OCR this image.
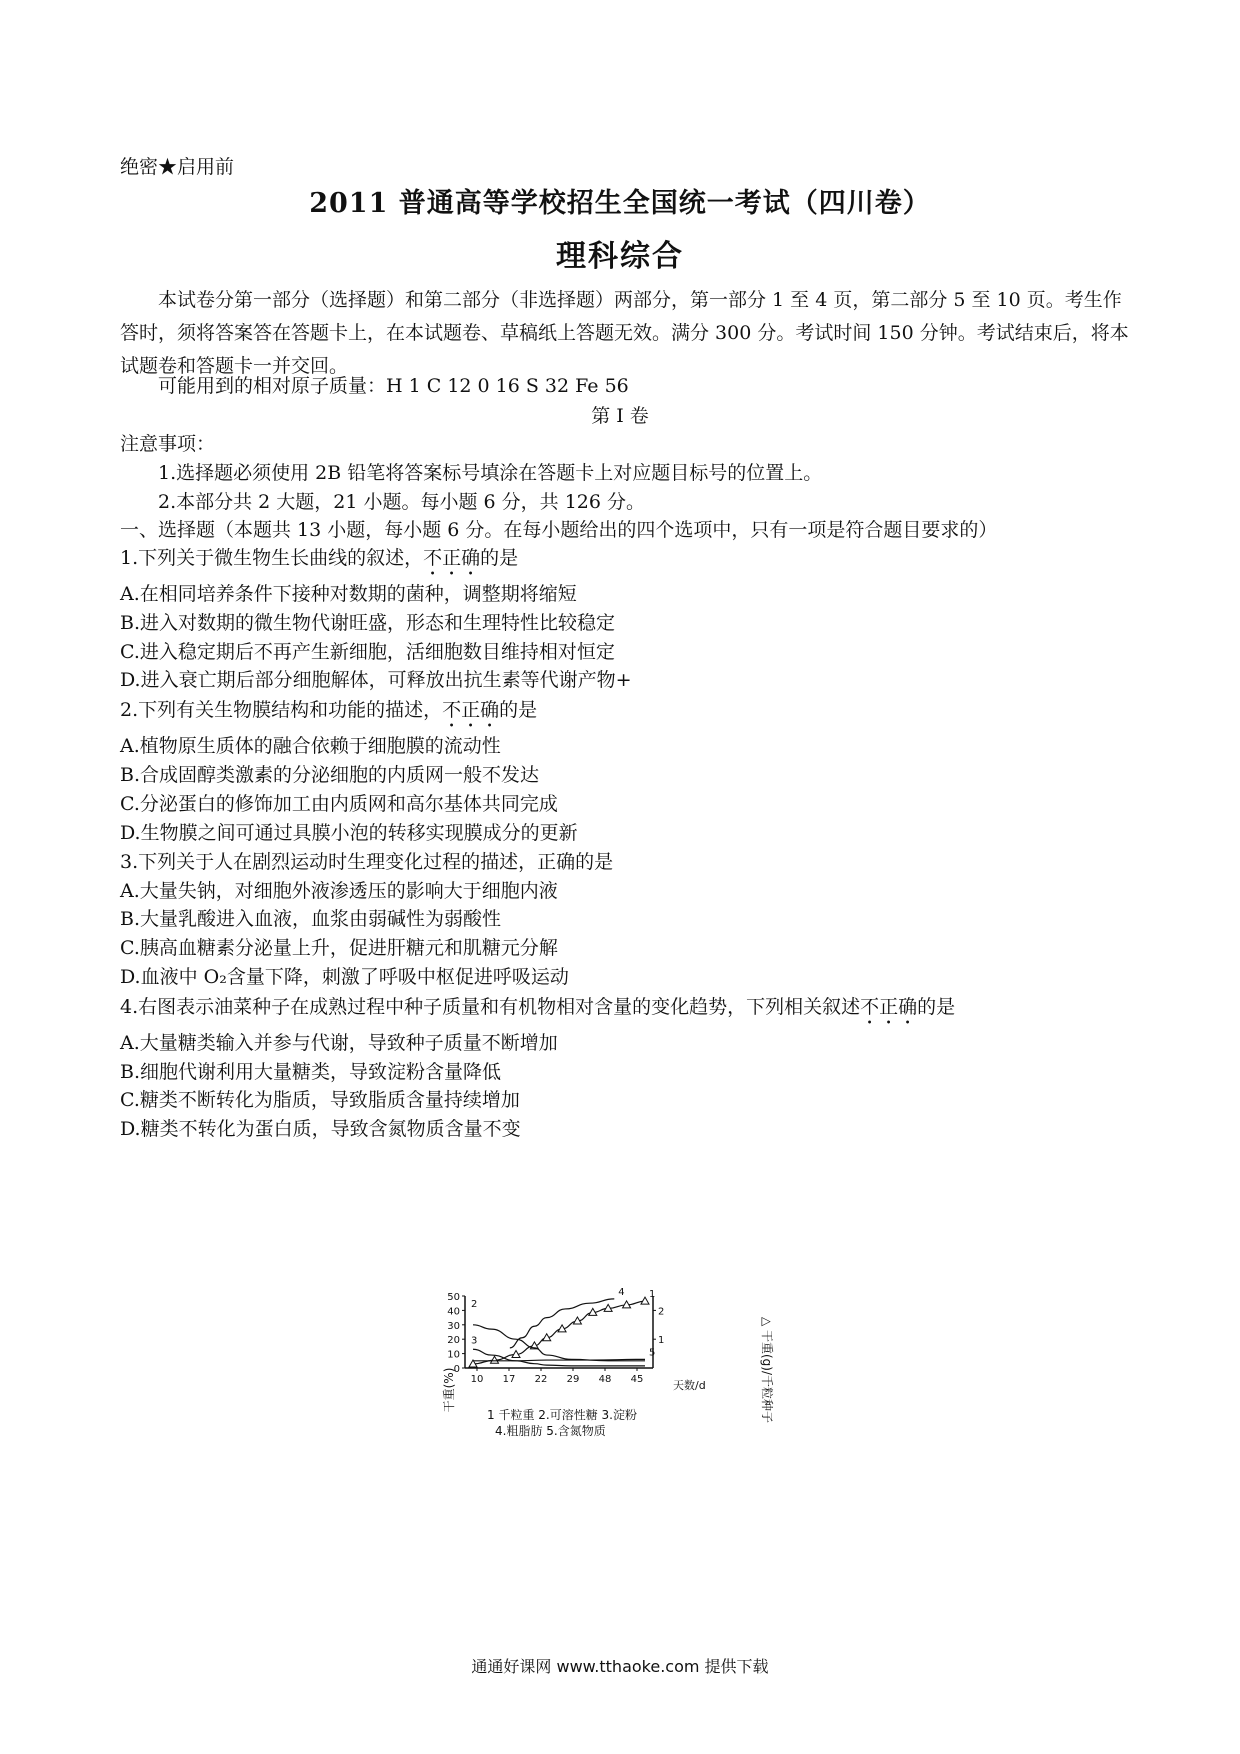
绝密★启用前
2011 普通高等学校招生全国统一考试（四川卷）
理科综合
本试卷分第一部分（选择题）和第二部分（非选择题）两部分，第一部分 1 至 4 页，第二部分 5 至 10 页。考生作答时，须将答案答在答题卡上，在本试题卷、草稿纸上答题无效。满分 300 分。考试时间 150 分钟。考试结束后，将本试题卷和答题卡一并交回。
可能用到的相对原子质量：H 1 C 12 0 16 S 32 Fe 56
第 I 卷
注意事项：
1.选择题必须使用 2B 铅笔将答案标号填涂在答题卡上对应题目标号的位置上。
2.本部分共 2 大题，21 小题。每小题 6 分，共 126 分。
一、选择题（本题共 13 小题，每小题 6 分。在每小题给出的四个选项中，只有一项是符合题目要求的）
1.下列关于微生物生长曲线的叙述，不正确的是
A.在相同培养条件下接种对数期的菌种，调整期将缩短
B.进入对数期的微生物代谢旺盛，形态和生理特性比较稳定
C.进入稳定期后不再产生新细胞，活细胞数目维持相对恒定
D.进入衰亡期后部分细胞解体，可释放出抗生素等代谢产物+
2.下列有关生物膜结构和功能的描述，不正确的是
A.植物原生质体的融合依赖于细胞膜的流动性
B.合成固醇类激素的分泌细胞的内质网一般不发达
C.分泌蛋白的修饰加工由内质网和高尔基体共同完成
D.生物膜之间可通过具膜小泡的转移实现膜成分的更新
3.下列关于人在剧烈运动时生理变化过程的描述，正确的是
A.大量失钠，对细胞外液渗透压的影响大于细胞内液
B.大量乳酸进入血液，血浆由弱碱性为弱酸性
C.胰高血糖素分泌量上升，促进肝糖元和肌糖元分解
D.血液中 O₂含量下降，刺激了呼吸中枢促进呼吸运动
4.右图表示油菜种子在成熟过程中种子质量和有机物相对含量的变化趋势，下列相关叙述不正确的是
A.大量糖类输入并参与代谢，导致种子质量不断增加
B.细胞代谢利用大量糖类，导致淀粉含量降低
C.糖类不断转化为脂质，导致脂质含量持续增加
D.糖类不转化为蛋白质，导致含氮物质含量不变
0
10
20
30
40
50
1
2
10 17 22 29 48 45
1
2
3
4
5
干重(%)	△ 干重(g)/千粒种子
天数/d
1 千粒重 2.可溶性糖 3.淀粉
4.粗脂肪 5.含氮物质
通通好课网 www.tthaoke.com 提供下载
